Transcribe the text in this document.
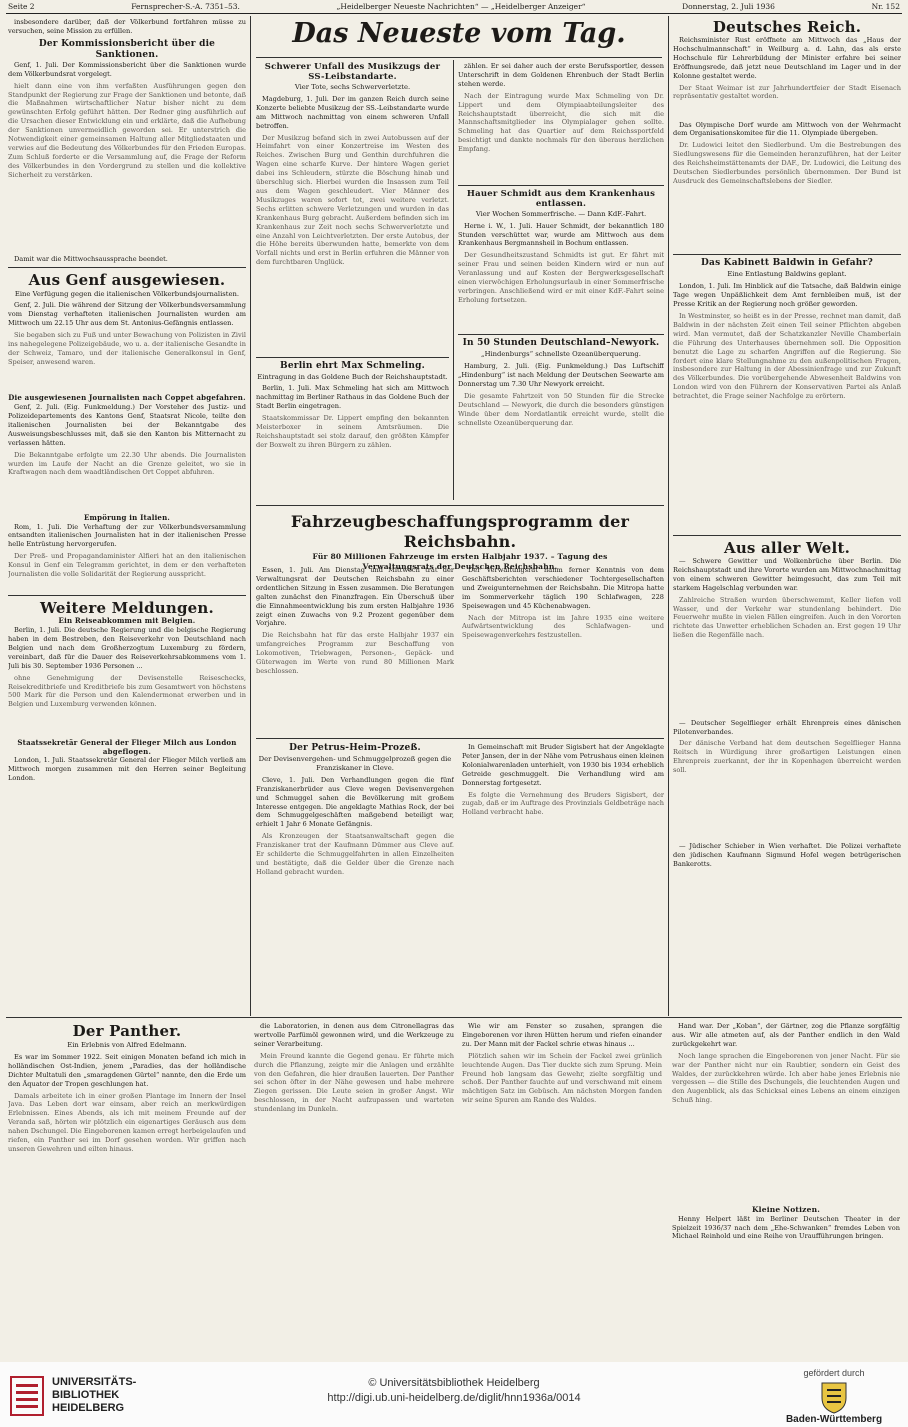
Seite 2	Fernsprecher-S.-A. 7351–53.	„Heidelberger Neueste Nachrichten“ — „Heidelberger Anzeiger“	Donnerstag, 2. Juli 1936	Nr. 152
Das Neueste vom Tag.

insbesondere darüber, daß der Völkerbund fortfahren müsse zu versuchen, seine Mission zu erfüllen.

Der Kommissionsbericht über die Sanktionen.

Genf, 1. Juli. Der Kommissionsbericht über die Sanktionen wurde dem Völkerbundsrat vorgelegt.

hielt dann eine von ihm verfaßten Ausführungen gegen den Standpunkt der Regierung zur Frage der Sanktionen und betonte, daß die Maßnahmen wirtschaftlicher Natur bisher nicht zu dem gewünschten Erfolg geführt hätten. Der Redner ging ausführlich auf die Ursachen dieser Entwicklung ein und erklärte, daß die Aufhebung der Sanktionen unvermeidlich geworden sei. Er unterstrich die Notwendigkeit einer gemeinsamen Haltung aller Mitgliedstaaten und verwies auf die Bedeutung des Völkerbundes für den Frieden Europas. Zum Schluß forderte er die Versammlung auf, die Frage der Reform des Völkerbundes in den Vordergrund zu stellen und die kollektive Sicherheit zu verstärken.

Damit war die Mittwochsaussprache beendet.

Aus Genf ausgewiesen.
Eine Verfügung gegen die italienischen Völkerbundsjournalisten.

Genf, 2. Juli. Die während der Sitzung der Völkerbundsversammlung vom Dienstag verhafteten italienischen Journalisten wurden am Mittwoch um 22.15 Uhr aus dem St. Antonius-Gefängnis entlassen.

Sie begaben sich zu Fuß und unter Bewachung von Polizisten in Zivil ins nahegelegene Polizeigebäude, wo u. a. der italienische Gesandte in der Schweiz, Tamaro, und der italienische Generalkonsul in Genf, Speiser, anwesend waren.

Die ausgewiesenen Journalisten nach Coppet abgefahren.

Genf, 2. Juli. (Eig. Funkmeldung.) Der Vorsteher des Justiz- und Polizeidepartements des Kantons Genf, Staatsrat Nicole, teilte den italienischen Journalisten bei der Bekanntgabe des Ausweisungsbeschlusses mit, daß sie den Kanton bis Mitternacht zu verlassen hätten.

Die Bekanntgabe erfolgte um 22.30 Uhr abends. Die Journalisten wurden im Laufe der Nacht an die Grenze geleitet, wo sie in Kraftwagen nach dem waadtländischen Ort Coppet abfuhren.

Empörung in Italien.

Rom, 1. Juli. Die Verhaftung der zur Völkerbundsversammlung entsandten italienischen Journalisten hat in der italienischen Presse helle Entrüstung hervorgerufen.

Der Preß- und Propagandaminister Alfieri hat an den italienischen Konsul in Genf ein Telegramm gerichtet, in dem er den verhafteten Journalisten die volle Solidarität der Regierung ausspricht.

Weitere Meldungen.
Ein Reiseabkommen mit Belgien.

Berlin, 1. Juli. Die deutsche Regierung und die belgische Regierung haben in dem Bestreben, den Reiseverkehr von Deutschland nach Belgien und nach dem Großherzogtum Luxemburg zu fördern, vereinbart, daß für die Dauer des Reiseverkehrsabkommens vom 1. Juli bis 30. September 1936 Personen ...

ohne Genehmigung der Devisenstelle Reiseschecks, Reisekreditbriefe und Kreditbriefe bis zum Gesamtwert von höchstens 500 Mark für die Person und den Kalendermonat erwerben und in Belgien und Luxemburg verwenden können.

Staatssekretär General der Flieger Milch aus London abgeflogen.

London, 1. Juli. Staatssekretär General der Flieger Milch verließ am Mittwoch morgen zusammen mit den Herren seiner Begleitung London.

Schwerer Unfall des Musikzugs der SS-Leibstandarte.
Vier Tote, sechs Schwerverletzte.

Magdeburg, 1. Juli. Der im ganzen Reich durch seine Konzerte beliebte Musikzug der SS.-Leibstandarte wurde am Mittwoch nachmittag von einem schweren Unfall betroffen.

Der Musikzug befand sich in zwei Autobussen auf der Heimfahrt von einer Konzertreise im Westen des Reiches. Zwischen Burg und Genthin durchfuhren die Wagen eine scharfe Kurve. Der hintere Wagen geriet dabei ins Schleudern, stürzte die Böschung hinab und überschlug sich. Hierbei wurden die Insassen zum Teil aus dem Wagen geschleudert. Vier Männer des Musikzuges waren sofort tot, zwei weitere verletzt. Sechs erlitten schwere Verletzungen und wurden in das Krankenhaus Burg gebracht. Außerdem befinden sich im Krankenhaus zur Zeit noch sechs Schwerverletzte und eine Anzahl von Leichtverletzten. Der erste Autobus, der die Höhe bereits überwunden hatte, bemerkte von dem Vorfall nichts und erst in Berlin erfuhren die Männer von dem furchtbaren Unglück.

Berlin ehrt Max Schmeling.
Eintragung in das Goldene Buch der Reichshauptstadt.

Berlin, 1. Juli. Max Schmeling hat sich am Mittwoch nachmittag im Berliner Rathaus in das Goldene Buch der Stadt Berlin eingetragen.

Staatskommissar Dr. Lippert empfing den bekannten Meisterboxer in seinem Amtsräumen. Die Reichshauptstadt sei stolz darauf, den größten Kämpfer der Boxwelt zu ihren Bürgern zu zählen.

zählen. Er sei daher auch der erste Berufssportler, dessen Unterschrift in dem Goldenen Ehrenbuch der Stadt Berlin stehen werde.

Nach der Eintragung wurde Max Schmeling von Dr. Lippert und dem Olympiaabteilungsleiter des Reichshauptstadt überreicht, die sich mit die Mannschaftsmitglieder ins Olympialager gehen sollte. Schmeling hat das Quartier auf dem Reichssportfeld besichtigt und dankte nochmals für den überaus herzlichen Empfang.

Hauer Schmidt aus dem Krankenhaus entlassen.
Vier Wochen Sommerfrische. — Dann KdF.-Fahrt.

Herne i. W., 1. Juli. Hauer Schmidt, der bekanntlich 180 Stunden verschüttet war, wurde am Mittwoch aus dem Krankenhaus Bergmannsheil in Bochum entlassen.

Der Gesundheitszustand Schmidts ist gut. Er fährt mit seiner Frau und seinen beiden Kindern wird er nun auf Veranlassung und auf Kosten der Bergwerksgesellschaft einen vierwöchigen Erholungsurlaub in einer Sommerfrische verbringen. Anschließend wird er mit einer KdF.-Fahrt seine Erholung fortsetzen.

In 50 Stunden Deutschland–Newyork.
„Hindenburgs“ schnellste Ozeanüberquerung.

Hamburg, 2. Juli. (Eig. Funkmeldung.) Das Luftschiff „Hindenburg“ ist nach Meldung der Deutschen Seewarte am Donnerstag um 7.30 Uhr Newyork erreicht.

Die gesamte Fahrtzeit von 50 Stunden für die Strecke Deutschland — Newyork, die durch die besonders günstigen Winde über dem Nordatlantik erreicht wurde, stellt die schnellste Ozeanüberquerung dar.

Fahrzeugbeschaffungsprogramm der Reichsbahn.
Für 80 Millionen Fahrzeuge im ersten Halbjahr 1937. – Tagung des Verwaltungsrats der Deutschen Reichsbahn.

Essen, 1. Juli. Am Dienstag und Mittwoch trat der Verwaltungsrat der Deutschen Reichsbahn zu einer ordentlichen Sitzung in Essen zusammen. Die Beratungen galten zunächst den Finanzfragen. Ein Überschuß über die Einnahmeentwicklung bis zum ersten Halbjahre 1936 zeigt einen Zuwachs von 9.2 Prozent gegenüber dem Vorjahre.

Die Reichsbahn hat für das erste Halbjahr 1937 ein umfangreiches Programm zur Beschaffung von Lokomotiven, Triebwagen, Personen-, Gepäck- und Güterwagen im Werte von rund 80 Millionen Mark beschlossen.

Der Verwaltungsrat nahm ferner Kenntnis von dem Geschäftsberichten verschiedener Tochtergesellschaften und Zweigunternehmen der Reichsbahn. Die Mitropa hatte im Sommerverkehr täglich 190 Schlafwagen, 228 Speisewagen und 45 Küchenabwagen.

Nach der Mitropa ist im Jahre 1935 eine weitere Aufwärtsentwicklung des Schlafwagen- und Speisewagenverkehrs festzustellen.

Der Petrus-Heim-Prozeß.
Der Devisenvergehen- und Schmuggelprozeß gegen die Franziskaner in Cleve.

Cleve, 1. Juli. Den Verhandlungen gegen die fünf Franziskanerbrüder aus Cleve wegen Devisenvergehen und Schmuggel sahen die Bevölkerung mit großem Interesse entgegen. Die angeklagte Mathias Rock, der bei dem Schmuggelgeschäften maßgebend beteiligt war, erhielt 1 Jahr 6 Monate Gefängnis.

Als Kronzeugen der Staatsanwaltschaft gegen die Franziskaner trat der Kaufmann Dümmer aus Cleve auf. Er schilderte die Schmuggelfahrten in allen Einzelheiten und bestätigte, daß die Gelder über die Grenze nach Holland gebracht wurden.

In Gemeinschaft mit Bruder Sigisbert hat der Angeklagte Peter Jansen, der in der Nähe vom Petrushaus einen kleinen Kolonialwarenladen unterhielt, von 1930 bis 1934 erheblich Getreide geschmuggelt. Die Verhandlung wird am Donnerstag fortgesetzt.

Es folgte die Vernehmung des Bruders Sigisbert, der zugab, daß er im Auftrage des Provinzials Geldbeträge nach Holland verbracht habe.

Deutsches Reich.

Reichsminister Rust eröffnete am Mittwoch das „Haus der Hochschulmannschaft“ in Weilburg a. d. Lahn, das als erste Hochschule für Lehrerbildung der Minister erfahre bei seiner Eröffnungsrede, daß jetzt neue Deutschland im Lager und in der Kolonne gestaltet werde.

Der Staat Weimar ist zur Jahrhundertfeier der Stadt Eisenach repräsentativ gestaltet worden.

Das Olympische Dorf wurde am Mittwoch von der Wehrmacht dem Organisationskomitee für die 11. Olympiade übergeben.

Dr. Ludowici leitet den Siedlerbund. Um die Bestrebungen des Siedlungswesens für die Gemeinden heranzuführen, hat der Leiter des Reichsheimstättenamts der DAF., Dr. Ludowici, die Leitung des Deutschen Siedlerbundes persönlich übernommen. Der Bund ist Ausdruck des Gemeinschaftslebens der Siedler.

Das Kabinett Baldwin in Gefahr?
Eine Entlastung Baldwins geplant.

London, 1. Juli. Im Hinblick auf die Tatsache, daß Baldwin einige Tage wegen Unpäßlichkeit dem Amt fernbleiben muß, ist der Presse Kritik an der Regierung noch größer geworden.

In Westminster, so heißt es in der Presse, rechnet man damit, daß Baldwin in der nächsten Zeit einen Teil seiner Pflichten abgeben wird. Man vermutet, daß der Schatzkanzler Neville Chamberlain die Führung des Unterhauses übernehmen soll. Die Opposition benutzt die Lage zu scharfen Angriffen auf die Regierung. Sie fordert eine klare Stellungnahme zu den außenpolitischen Fragen, insbesondere zur Haltung in der Abessinienfrage und zur Zukunft des Völkerbundes. Die vorübergehende Abwesenheit Baldwins von London wird von den Führern der Konservativen Partei als Anlaß betrachtet, die Frage seiner Nachfolge zu erörtern.

Aus aller Welt.

— Schwere Gewitter und Wolkenbrüche über Berlin. Die Reichshauptstadt und ihre Vororte wurden am Mittwochnachmittag von einem schweren Gewitter heimgesucht, das zum Teil mit starkem Hagelschlag verbunden war.

Zahlreiche Straßen wurden überschwemmt, Keller liefen voll Wasser, und der Verkehr war stundenlang behindert. Die Feuerwehr mußte in vielen Fällen eingreifen. Auch in den Vororten richtete das Unwetter erheblichen Schaden an. Erst gegen 19 Uhr ließen die Regenfälle nach.

— Deutscher Segelflieger erhält Ehrenpreis eines dänischen Pilotenverbandes.

Der dänische Verband hat dem deutschen Segelflieger Hanna Reitsch in Würdigung ihrer großartigen Leistungen einen Ehrenpreis zuerkannt, der ihr in Kopenhagen überreicht werden soll.

— Jüdischer Schieber in Wien verhaftet. Die Polizei verhaftete den jüdischen Kaufmann Sigmund Hofel wegen betrügerischen Bankerotts.

Der Panther.
Ein Erlebnis von Alfred Edelmann.

Es war im Sommer 1922. Seit einigen Monaten befand ich mich in holländischen Ost-Indien, jenem „Paradies, das der holländische Dichter Multatuli den „smaragdenen Gürtel“ nannte, den die Erde um den Äquator der Tropen geschlungen hat.

Damals arbeitete ich in einer großen Plantage im Innern der Insel Java. Das Leben dort war einsam, aber reich an merkwürdigen Erlebnissen. Eines Abends, als ich mit meinem Freunde auf der Veranda saß, hörten wir plötzlich ein eigenartiges Geräusch aus dem nahen Dschungel. Die Eingeborenen kamen erregt herbeigelaufen und riefen, ein Panther sei im Dorf gesehen worden. Wir griffen nach unseren Gewehren und eilten hinaus.

die Laboratorien, in denen aus dem Citronellagras das wertvolle Parfümöl gewonnen wird, und die Werkzeuge zu seiner Verarbeitung.

Mein Freund kannte die Gegend genau. Er führte mich durch die Pflanzung, zeigte mir die Anlagen und erzählte von den Gefahren, die hier draußen lauerten. Der Panther sei schon öfter in der Nähe gewesen und habe mehrere Ziegen gerissen. Die Leute seien in großer Angst. Wir beschlossen, in der Nacht aufzupassen und warteten stundenlang im Dunkeln.

Wie wir am Fenster so zusahen, sprangen die Eingeborenen vor ihren Hütten herum und riefen einander zu. Der Mann mit der Fackel schrie etwas hinaus ...

Plötzlich sahen wir im Schein der Fackel zwei grünlich leuchtende Augen. Das Tier duckte sich zum Sprung. Mein Freund hob langsam das Gewehr, zielte sorgfältig und schoß. Der Panther fauchte auf und verschwand mit einem mächtigen Satz im Gebüsch. Am nächsten Morgen fanden wir seine Spuren am Rande des Waldes.

Hand war. Der „Koban“, der Gärtner, zog die Pflanze sorgfältig aus. Wir alle atmeten auf, als der Panther endlich in den Wald zurückgekehrt war.

Noch lange sprachen die Eingeborenen von jener Nacht. Für sie war der Panther nicht nur ein Raubtier, sondern ein Geist des Waldes, der zurückkehren würde. Ich aber habe jenes Erlebnis nie vergessen — die Stille des Dschungels, die leuchtenden Augen und den Augenblick, als das Schicksal eines Lebens an einem einzigen Schuß hing.

Kleine Notizen.

Henny Helpert läßt im Berliner Deutschen Theater in der Spielzeit 1936/37 nach dem „Ehe-Schwanken“ fremdes Leben von Michael Reinhold und eine Reihe von Uraufführungen bringen.

UNIVERSITÄTS-
BIBLIOTHEK
HEIDELBERG
© Universitätsbibliothek Heidelberg
http://digi.ub.uni-heidelberg.de/diglit/hnn1936a/0014
gefördert durch
Baden-Württemberg
